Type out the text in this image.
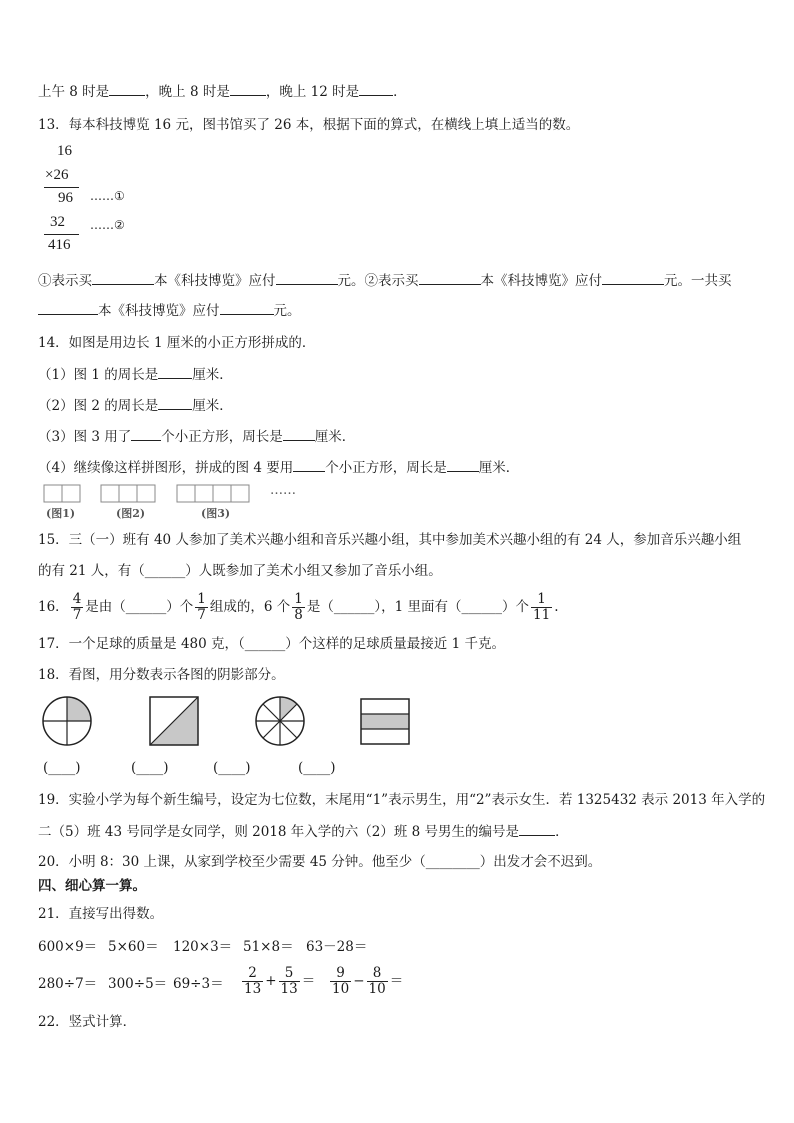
上午 8 时是	，晚上 8 时是	，晚上 12 时是	．
13．每本科技博览 16 元，图书馆买了 26 本，根据下面的算式，在横线上填上适当的数。
16
×26
96 ……①
32 ……②
416
①表示买	本《科技博览》应付	元。②表示买	本《科技博览》应付	元。一共买
本《科技博览》应付	元。
14．如图是用边长 1 厘米的小正方形拼成的．
（1）图 1 的周长是	厘米．
（2）图 2 的周长是	厘米．
（3）图 3 用了 个小正方形，周长是 厘米．
（4）继续像这样拼图形，拼成的图 4 要用 个小正方形，周长是 厘米．
(图1)	(图2)	(图3)
……
15．三（一）班有 40 人参加了美术兴趣小组和音乐兴趣小组，其中参加美术兴趣小组的有 24 人，参加音乐兴趣小组
的有 21 人，有（______）人既参加了美术小组又参加了音乐小组。
16． $\frac{4}{7}$ 是由（______）个 $\frac{1}{7}$ 组成的，6 个 $\frac{1}{8}$ 是（______），1 里面有（______）个 $\frac{1}{11}$ .
17．一个足球的质量是 480 克，（______）个这样的足球质量最接近 1 千克。
18．看图，用分数表示各图的阴影部分。
(____)	(____)	(____)	(____)
19．实验小学为每个新生编号，设定为七位数，末尾用“1”表示男生，用“2”表示女生．若 1325432 表示 2013 年入学的
二（5）班 43 号同学是女同学，则 2018 年入学的六（2）班 8 号男生的编号是	．
20．小明 8：30 上课，从家到学校至少需要 45 分钟。他至少（________）出发才会不迟到。
四、细心算一算。
21．直接写出得数。
600×9＝ 5×60＝ 120×3＝ 51×8＝ 63－28＝
$280\div 7= 300\div 5= 69\div 3= \frac{2}{13} + \frac{5}{13} = \frac{9}{10} - \frac{8}{10}$ ＝
22．竖式计算．
